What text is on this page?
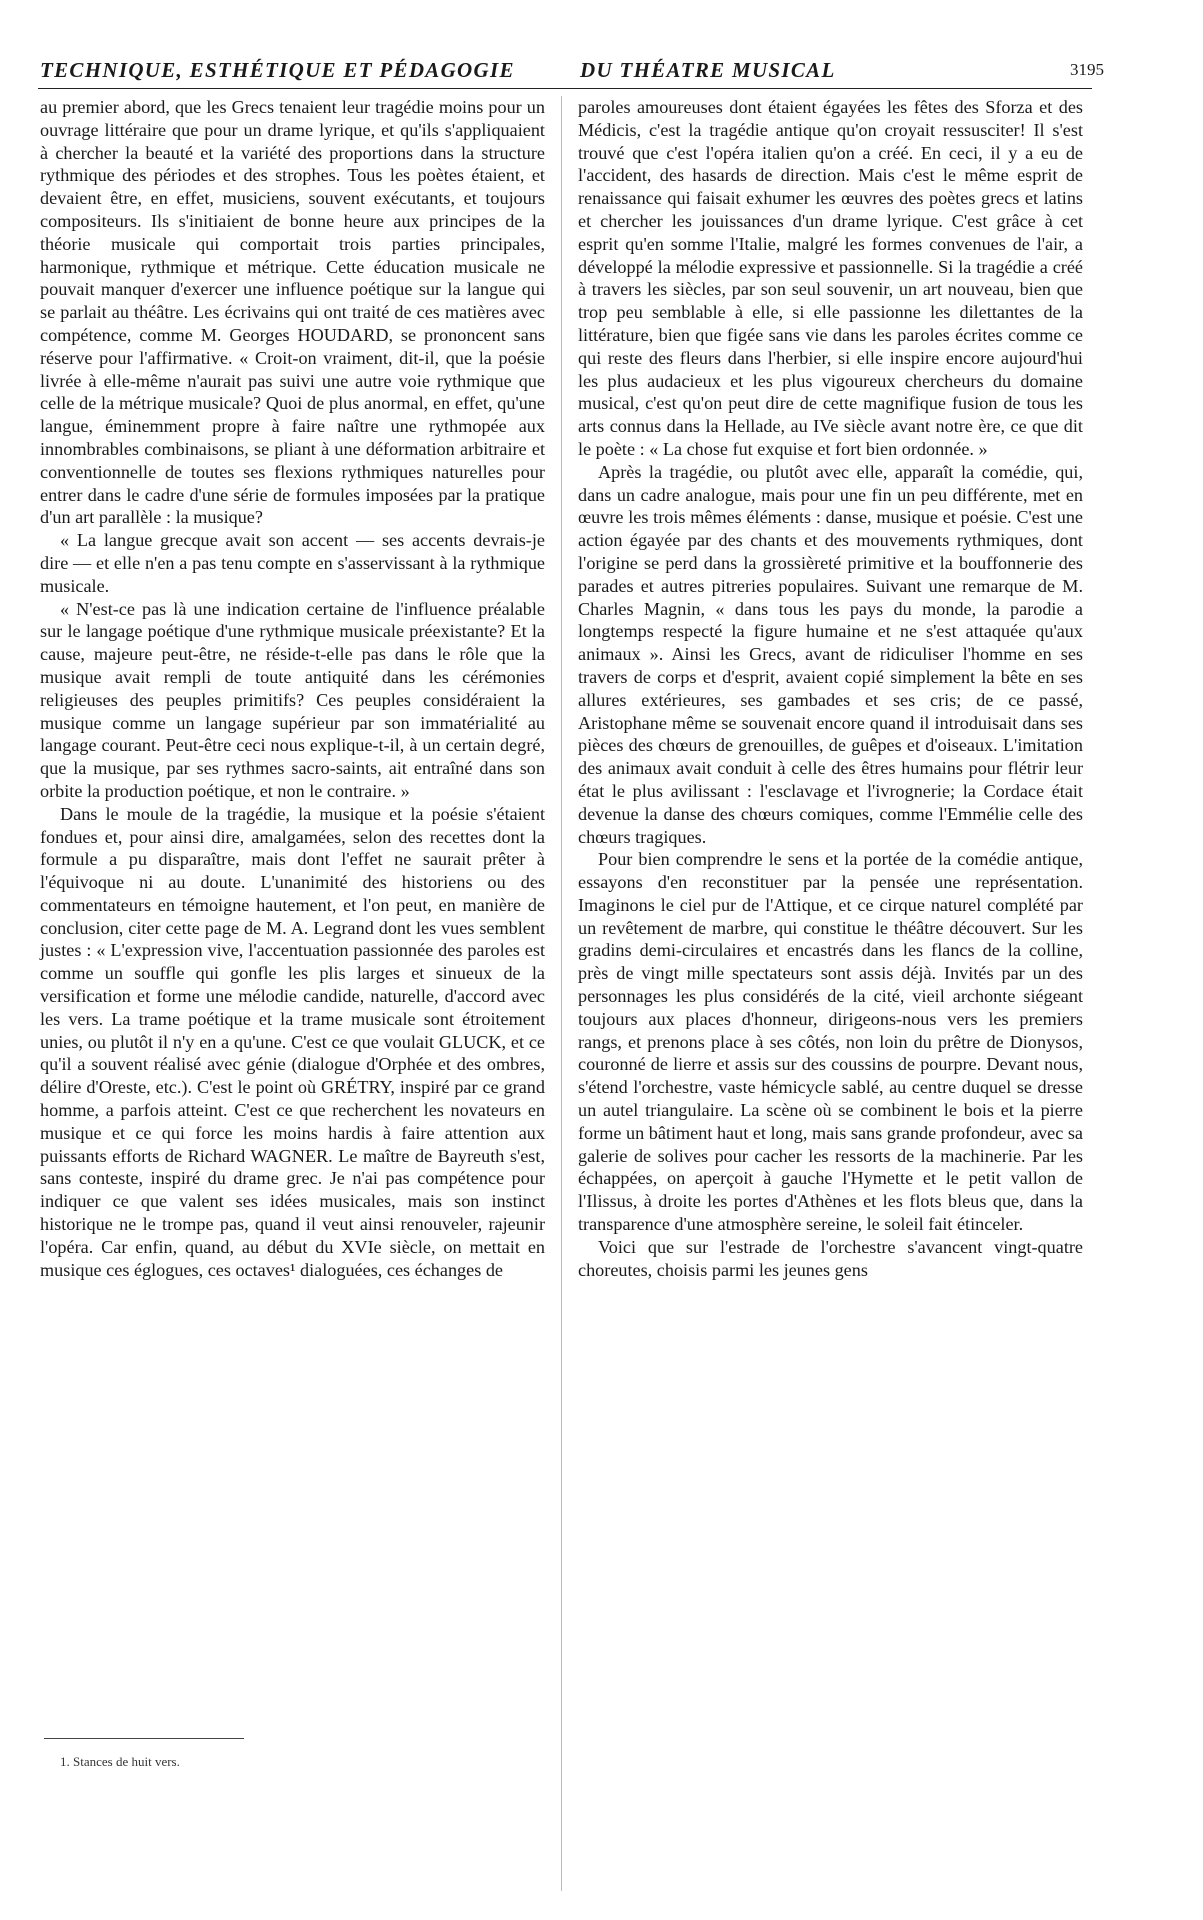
TECHNIQUE, ESTHÉTIQUE ET PÉDAGOGIE	DU THÉATRE MUSICAL	3195

au premier abord, que les Grecs tenaient leur tragédie moins pour un ouvrage littéraire que pour un drame lyrique, et qu'ils s'appliquaient à chercher la beauté et la variété des proportions dans la structure rythmique des périodes et des strophes. Tous les poètes étaient, et devaient être, en effet, musiciens, souvent exécutants, et toujours compositeurs. Ils s'initiaient de bonne heure aux principes de la théorie musicale qui comportait trois parties principales, harmonique, rythmique et métrique. Cette éducation musicale ne pouvait manquer d'exercer une influence poétique sur la langue qui se parlait au théâtre. Les écrivains qui ont traité de ces matières avec compétence, comme M. Georges HOUDARD, se prononcent sans réserve pour l'affirmative. « Croit-on vraiment, dit-il, que la poésie livrée à elle-même n'aurait pas suivi une autre voie rythmique que celle de la métrique musicale? Quoi de plus anormal, en effet, qu'une langue, éminemment propre à faire naître une rythmopée aux innombrables combinaisons, se pliant à une déformation arbitraire et conventionnelle de toutes ses flexions rythmiques naturelles pour entrer dans le cadre d'une série de formules imposées par la pratique d'un art parallèle : la musique?

« La langue grecque avait son accent — ses accents devrais-je dire — et elle n'en a pas tenu compte en s'asservissant à la rythmique musicale.

« N'est-ce pas là une indication certaine de l'influence préalable sur le langage poétique d'une rythmique musicale préexistante? Et la cause, majeure peut-être, ne réside-t-elle pas dans le rôle que la musique avait rempli de toute antiquité dans les cérémonies religieuses des peuples primitifs? Ces peuples considéraient la musique comme un langage supérieur par son immatérialité au langage courant. Peut-être ceci nous explique-t-il, à un certain degré, que la musique, par ses rythmes sacro-saints, ait entraîné dans son orbite la production poétique, et non le contraire. »

Dans le moule de la tragédie, la musique et la poésie s'étaient fondues et, pour ainsi dire, amalgamées, selon des recettes dont la formule a pu disparaître, mais dont l'effet ne saurait prêter à l'équivoque ni au doute. L'unanimité des historiens ou des commentateurs en témoigne hautement, et l'on peut, en manière de conclusion, citer cette page de M. A. Legrand dont les vues semblent justes : « L'expression vive, l'accentuation passionnée des paroles est comme un souffle qui gonfle les plis larges et sinueux de la versification et forme une mélodie candide, naturelle, d'accord avec les vers. La trame poétique et la trame musicale sont étroitement unies, ou plutôt il n'y en a qu'une. C'est ce que voulait GLUCK, et ce qu'il a souvent réalisé avec génie (dialogue d'Orphée et des ombres, délire d'Oreste, etc.). C'est le point où GRÉTRY, inspiré par ce grand homme, a parfois atteint. C'est ce que recherchent les novateurs en musique et ce qui force les moins hardis à faire attention aux puissants efforts de Richard WAGNER. Le maître de Bayreuth s'est, sans conteste, inspiré du drame grec. Je n'ai pas compétence pour indiquer ce que valent ses idées musicales, mais son instinct historique ne le trompe pas, quand il veut ainsi renouveler, rajeunir l'opéra. Car enfin, quand, au début du XVIe siècle, on mettait en musique ces églogues, ces octaves¹ dialoguées, ces échanges de

paroles amoureuses dont étaient égayées les fêtes des Sforza et des Médicis, c'est la tragédie antique qu'on croyait ressusciter! Il s'est trouvé que c'est l'opéra italien qu'on a créé. En ceci, il y a eu de l'accident, des hasards de direction. Mais c'est le même esprit de renaissance qui faisait exhumer les œuvres des poètes grecs et latins et chercher les jouissances d'un drame lyrique. C'est grâce à cet esprit qu'en somme l'Italie, malgré les formes convenues de l'air, a développé la mélodie expressive et passionnelle. Si la tragédie a créé à travers les siècles, par son seul souvenir, un art nouveau, bien que trop peu semblable à elle, si elle passionne les dilettantes de la littérature, bien que figée sans vie dans les paroles écrites comme ce qui reste des fleurs dans l'herbier, si elle inspire encore aujourd'hui les plus audacieux et les plus vigoureux chercheurs du domaine musical, c'est qu'on peut dire de cette magnifique fusion de tous les arts connus dans la Hellade, au IVe siècle avant notre ère, ce que dit le poète : « La chose fut exquise et fort bien ordonnée. »

Après la tragédie, ou plutôt avec elle, apparaît la comédie, qui, dans un cadre analogue, mais pour une fin un peu différente, met en œuvre les trois mêmes éléments : danse, musique et poésie. C'est une action égayée par des chants et des mouvements rythmiques, dont l'origine se perd dans la grossièreté primitive et la bouffonnerie des parades et autres pitreries populaires. Suivant une remarque de M. Charles Magnin, « dans tous les pays du monde, la parodie a longtemps respecté la figure humaine et ne s'est attaquée qu'aux animaux ». Ainsi les Grecs, avant de ridiculiser l'homme en ses travers de corps et d'esprit, avaient copié simplement la bête en ses allures extérieures, ses gambades et ses cris; de ce passé, Aristophane même se souvenait encore quand il introduisait dans ses pièces des chœurs de grenouilles, de guêpes et d'oiseaux. L'imitation des animaux avait conduit à celle des êtres humains pour flétrir leur état le plus avilissant : l'esclavage et l'ivrognerie; la Cordace était devenue la danse des chœurs comiques, comme l'Emmélie celle des chœurs tragiques.

Pour bien comprendre le sens et la portée de la comédie antique, essayons d'en reconstituer par la pensée une représentation. Imaginons le ciel pur de l'Attique, et ce cirque naturel complété par un revêtement de marbre, qui constitue le théâtre découvert. Sur les gradins demi-circulaires et encastrés dans les flancs de la colline, près de vingt mille spectateurs sont assis déjà. Invités par un des personnages les plus considérés de la cité, vieil archonte siégeant toujours aux places d'honneur, dirigeons-nous vers les premiers rangs, et prenons place à ses côtés, non loin du prêtre de Dionysos, couronné de lierre et assis sur des coussins de pourpre. Devant nous, s'étend l'orchestre, vaste hémicycle sablé, au centre duquel se dresse un autel triangulaire. La scène où se combinent le bois et la pierre forme un bâtiment haut et long, mais sans grande profondeur, avec sa galerie de solives pour cacher les ressorts de la machinerie. Par les échappées, on aperçoit à gauche l'Hymette et le petit vallon de l'Ilissus, à droite les portes d'Athènes et les flots bleus que, dans la transparence d'une atmosphère sereine, le soleil fait étinceler.

Voici que sur l'estrade de l'orchestre s'avancent vingt-quatre choreutes, choisis parmi les jeunes gens

1. Stances de huit vers.
